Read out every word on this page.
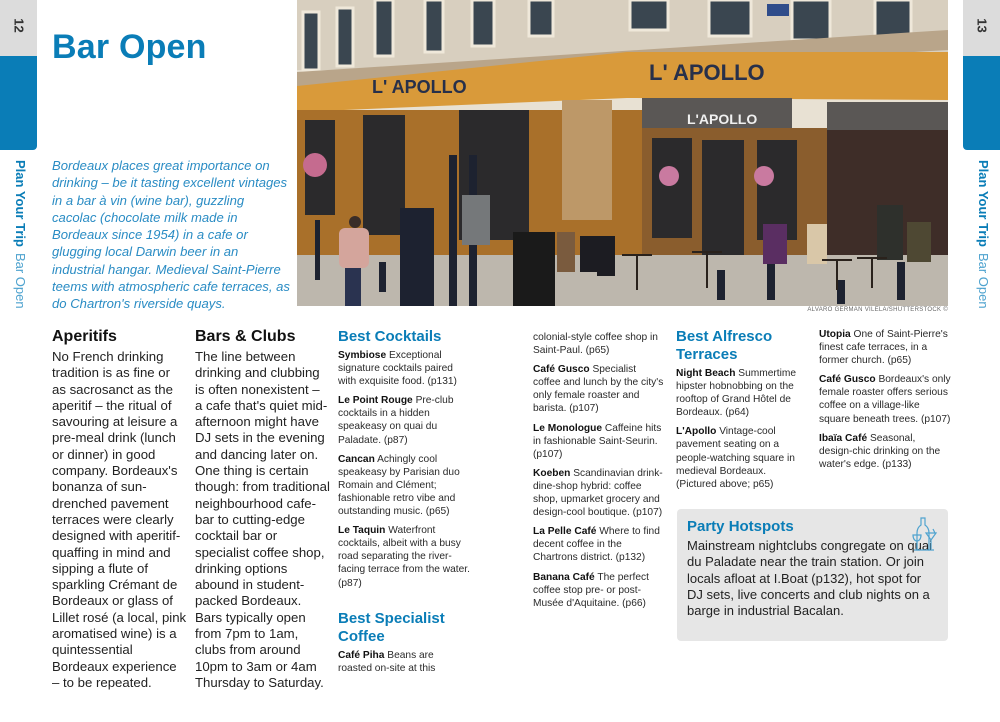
12
Plan Your TripBar Open
13
Plan Your TripBar Open
Bar Open

Bordeaux places great importance on drinking – be it tasting excellent vintages in a bar à vin (wine bar), guzzling cacolac (chocolate milk made in Bordeaux since 1954) in a cafe or glugging local Darwin beer in an industrial hangar. Medieval Saint-Pierre teems with atmospheric cafe terraces, as do Chartron's riverside quays.

L' APOLLO
L' APOLLO
L'APOLLO
ALVARO GERMAN VILELA/SHUTTERSTOCK ©
Aperitifs

No French drinking tradition is as fine or as sacrosanct as the aperitif – the ritual of savouring at leisure a pre-meal drink (lunch or dinner) in good company. Bordeaux's bonanza of sun-drenched pavement terraces were clearly designed with aperitif-quaffing in mind and sipping a flute of sparkling Crémant de Bordeaux or glass of Lillet rosé (a local, pink aromatised wine) is a quintessential Bordeaux experience – to be repeated.

Bars & Clubs

The line between drinking and clubbing is often nonexistent – a cafe that's quiet mid-afternoon might have DJ sets in the evening and dancing later on. One thing is certain though: from traditional neighbourhood cafe-bar to cutting-edge cocktail bar or specialist coffee shop, drinking options abound in student-packed Bordeaux. Bars typically open from 7pm to 1am, clubs from around 10pm to 3am or 4am Thursday to Saturday.

Best Cocktails
Symbiose Exceptional signature cocktails paired with exquisite food. (p131)
Le Point Rouge Pre-club cocktails in a hidden speakeasy on quai du Paladate. (p87)
Cancan Achingly cool speakeasy by Parisian duo Romain and Clément; fashionable retro vibe and outstanding music. (p65)
Le Taquin Waterfront cocktails, albeit with a busy road separating the river-facing terrace from the water. (p87)
Best Specialist Coffee
Café Piha Beans are roasted on-site at this
colonial-style coffee shop in Saint-Paul. (p65)
Café Gusco Specialist coffee and lunch by the city's only female roaster and barista. (p107)
Le Monologue Caffeine hits in fashionable Saint-Seurin. (p107)
Koeben Scandinavian drink-dine-shop hybrid: coffee shop, upmarket grocery and design-cool boutique. (p107)
La Pelle Café Where to find decent coffee in the Chartrons district. (p132)
Banana Café The perfect coffee stop pre- or post-Musée d'Aquitaine. (p66)
Best Alfresco Terraces
Night Beach Summertime hipster hobnobbing on the rooftop of Grand Hôtel de Bordeaux. (p64)
L'Apollo Vintage-cool pavement seating on a people-watching square in medieval Bordeaux. (Pictured above; p65)
Utopia One of Saint-Pierre's finest cafe terraces, in a former church. (p65)
Café Gusco Bordeaux's only female roaster offers serious coffee on a village-like square beneath trees. (p107)
Ibaïa Café Seasonal, design-chic drinking on the water's edge. (p133)
Party Hotspots

Mainstream nightclubs congregate on quai du Paladate near the train station. Or join locals afloat at I.Boat (p132), hot spot for DJ sets, live concerts and club nights on a barge in industrial Bacalan.
